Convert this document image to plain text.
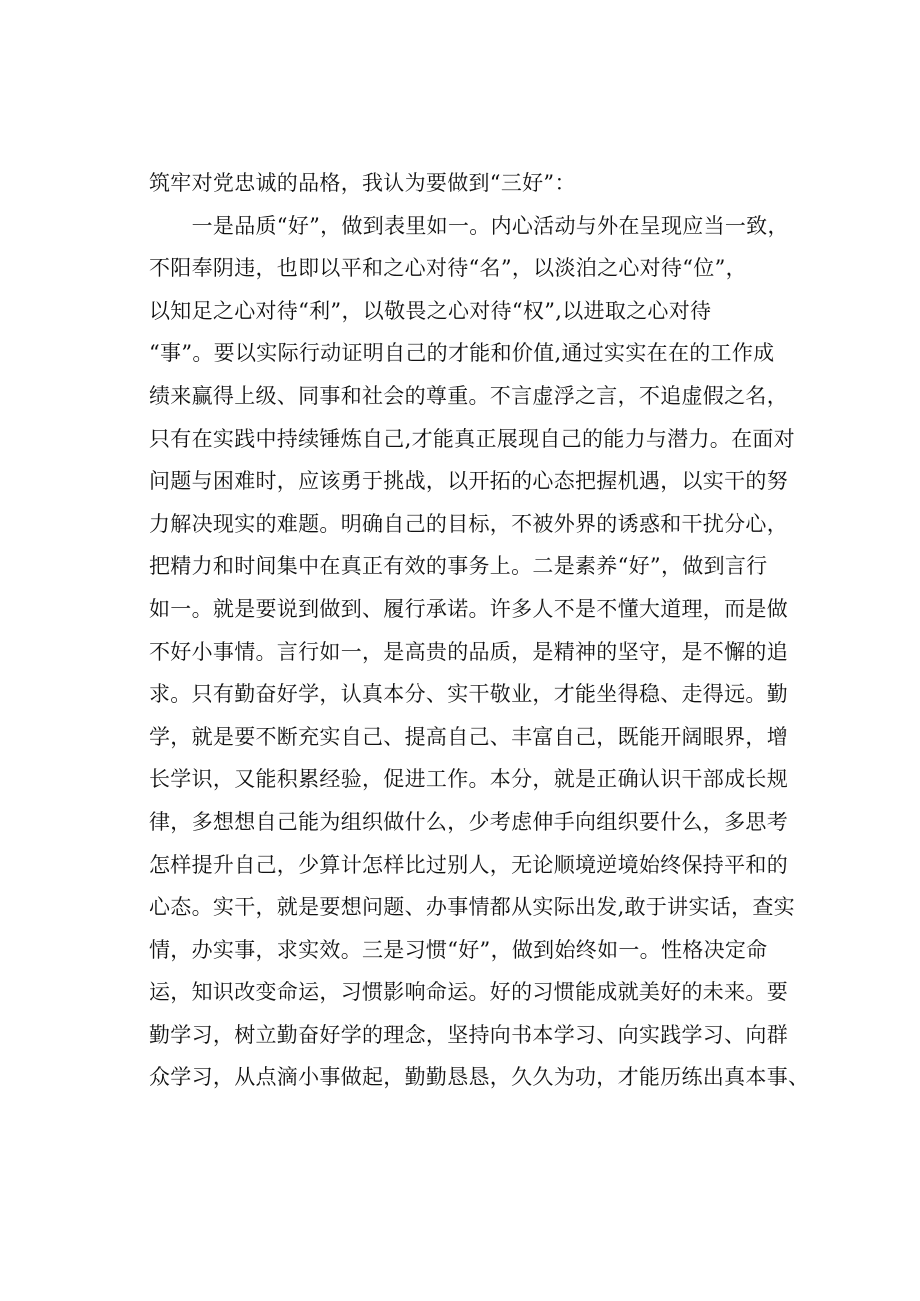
筑牢对党忠诚的品格，我认为要做到“三好”：
　　一是品质“好”，做到表里如一。内心活动与外在呈现应当一致，
不阳奉阴违，也即以平和之心对待“名”，以淡泊之心对待“位”，
以知足之心对待“利”，以敬畏之心对待“权”,以进取之心对待
“事”。要以实际行动证明自己的才能和价值,通过实实在在的工作成
绩来赢得上级、同事和社会的尊重。不言虚浮之言，不追虚假之名，
只有在实践中持续锤炼自己,才能真正展现自己的能力与潜力。在面对
问题与困难时，应该勇于挑战，以开拓的心态把握机遇，以实干的努
力解决现实的难题。明确自己的目标，不被外界的诱惑和干扰分心，
把精力和时间集中在真正有效的事务上。二是素养“好”，做到言行
如一。就是要说到做到、履行承诺。许多人不是不懂大道理，而是做
不好小事情。言行如一，是高贵的品质，是精神的坚守，是不懈的追
求。只有勤奋好学，认真本分、实干敬业，才能坐得稳、走得远。勤
学，就是要不断充实自己、提高自己、丰富自己，既能开阔眼界，增
长学识，又能积累经验，促进工作。本分，就是正确认识干部成长规
律，多想想自己能为组织做什么，少考虑伸手向组织要什么，多思考
怎样提升自己，少算计怎样比过别人，无论顺境逆境始终保持平和的
心态。实干，就是要想问题、办事情都从实际出发,敢于讲实话，查实
情，办实事，求实效。三是习惯“好”，做到始终如一。性格决定命
运，知识改变命运，习惯影响命运。好的习惯能成就美好的未来。要
勤学习，树立勤奋好学的理念，坚持向书本学习、向实践学习、向群
众学习，从点滴小事做起，勤勤恳恳，久久为功，才能历练出真本事、
